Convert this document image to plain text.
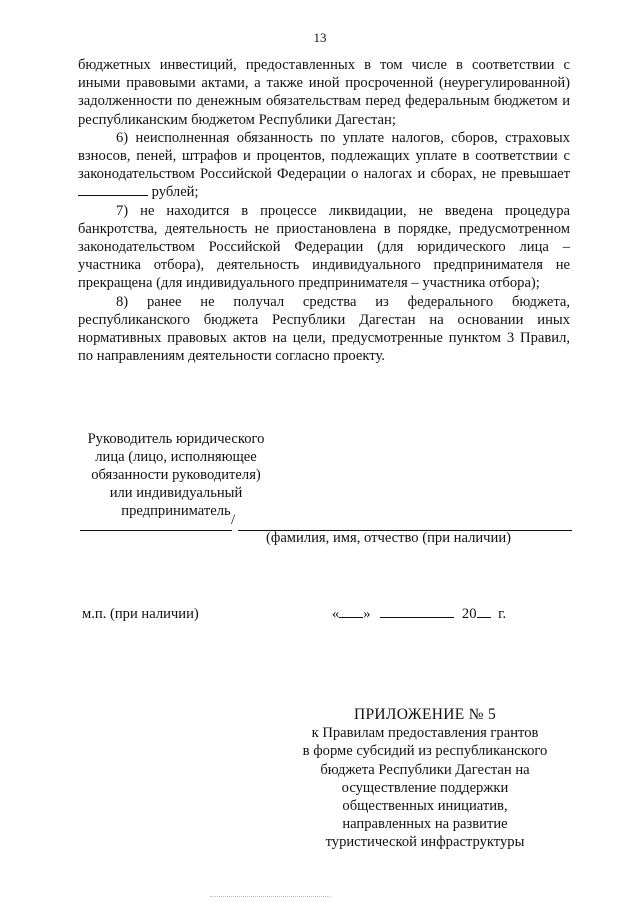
13

бюджетных инвестиций, предоставленных в том числе в соответствии с иными правовыми актами, а также иной просроченной (неурегулированной) задолженности по денежным обязательствам перед федеральным бюджетом и республиканским бюджетом Республики Дагестан;

6) неисполненная обязанность по уплате налогов, сборов, страховых взносов, пеней, штрафов и процентов, подлежащих уплате в соответствии с законодательством Российской Федерации о налогах и сборах, не превышает  рублей;

7) не находится в процессе ликвидации, не введена процедура банкротства, деятельность не приостановлена в порядке, предусмотренном законодательством Российской Федерации (для юридического лица – участника отбора), деятельность индивидуального предпринимателя не прекращена (для индивидуального предпринимателя – участника отбора);

8) ранее не получал средства из федерального бюджета, республиканского бюджета Республики Дагестан на основании иных нормативных правовых актов на цели, предусмотренные пунктом 3 Правил, по направлениям деятельности согласно проекту.

Руководитель юридического
лица (лицо, исполняющее
обязанности руководителя)
или индивидуальный
предприниматель
/
(фамилия, имя, отчество (при наличии)
м.п. (при наличии)	« »	20 г.
ПРИЛОЖЕНИЕ № 5
к Правилам предоставления грантов
в форме субсидий из республиканского
бюджета Республики Дагестан на
осуществление поддержки
общественных инициатив,
направленных на развитие
туристической инфраструктуры
